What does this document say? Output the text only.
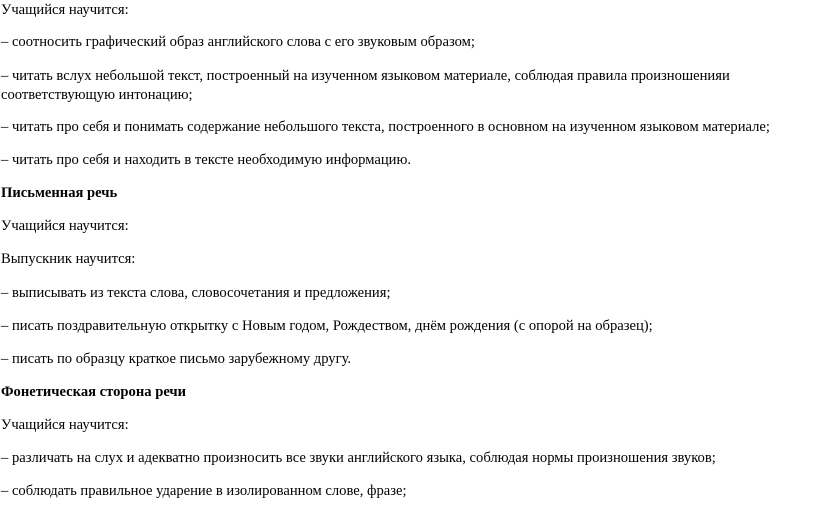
Учащийся научится:

– соотносить графический образ английского слова с его звуковым образом;

– читать вслух небольшой текст, построенный на изученном языковом материале, соблюдая правила произношенияи соответствующую интонацию;

– читать про себя и понимать содержание небольшого текста, построенного в основном на изученном языковом материале;

– читать про себя и находить в тексте необходимую информацию.

Письменная речь

Учащийся научится:

Выпускник научится:

– выписывать из текста слова, словосочетания и предложения;

– писать поздравительную открытку с Новым годом, Рождеством, днём рождения (с опорой на образец);

– писать по образцу краткое письмо зарубежному другу.

Фонетическая сторона речи

Учащийся научится:

– различать на слух и адекватно произносить все звуки английского языка, соблюдая нормы произношения звуков;

– соблюдать правильное ударение в изолированном слове, фразе;
